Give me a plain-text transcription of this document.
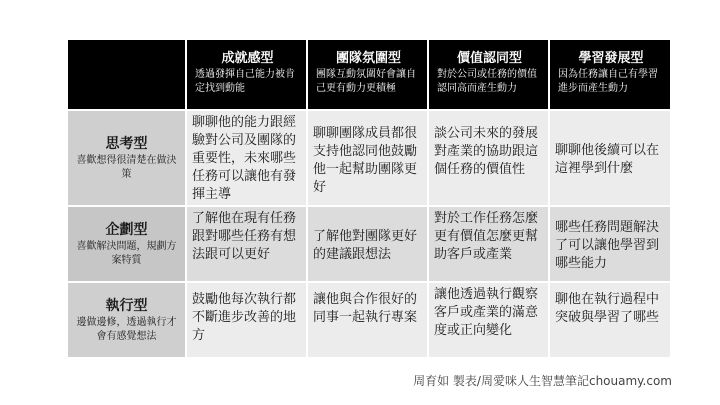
成就感型
透過發揮自己能力被肯定找到動能
團隊氛圍型
團隊互動氛圍好會讓自己更有動力更積極
價值認同型
對於公司或任務的價值認同高而產生動力
學習發展型
因為任務讓自己有學習進步而產生動力
思考型
喜歡想得很清楚在做決策
聊聊他的能力跟經驗對公司及團隊的重要性，未來哪些任務可以讓他有發揮主導
聊聊團隊成員都很支持他認同他鼓勵他一起幫助團隊更好
談公司未來的發展對產業的協助跟這個任務的價值性
聊聊他後續可以在這裡學到什麼
企劃型
喜歡解決問題，規劃方案特質
了解他在現有任務跟對哪些任務有想法跟可以更好
了解他對團隊更好的建議跟想法
對於工作任務怎麼更有價值怎麼更幫助客戶或產業
哪些任務問題解決了可以讓他學習到哪些能力
執行型
邊做邊修，透過執行才會有感覺想法
鼓勵他每次執行都不斷進步改善的地方
讓他與合作很好的同事一起執行專案
讓他透過執行觀察客戶或產業的滿意度或正向變化
聊他在執行過程中突破與學習了哪些
周育如 製表/周愛咪人生智慧筆記chouamy.com
